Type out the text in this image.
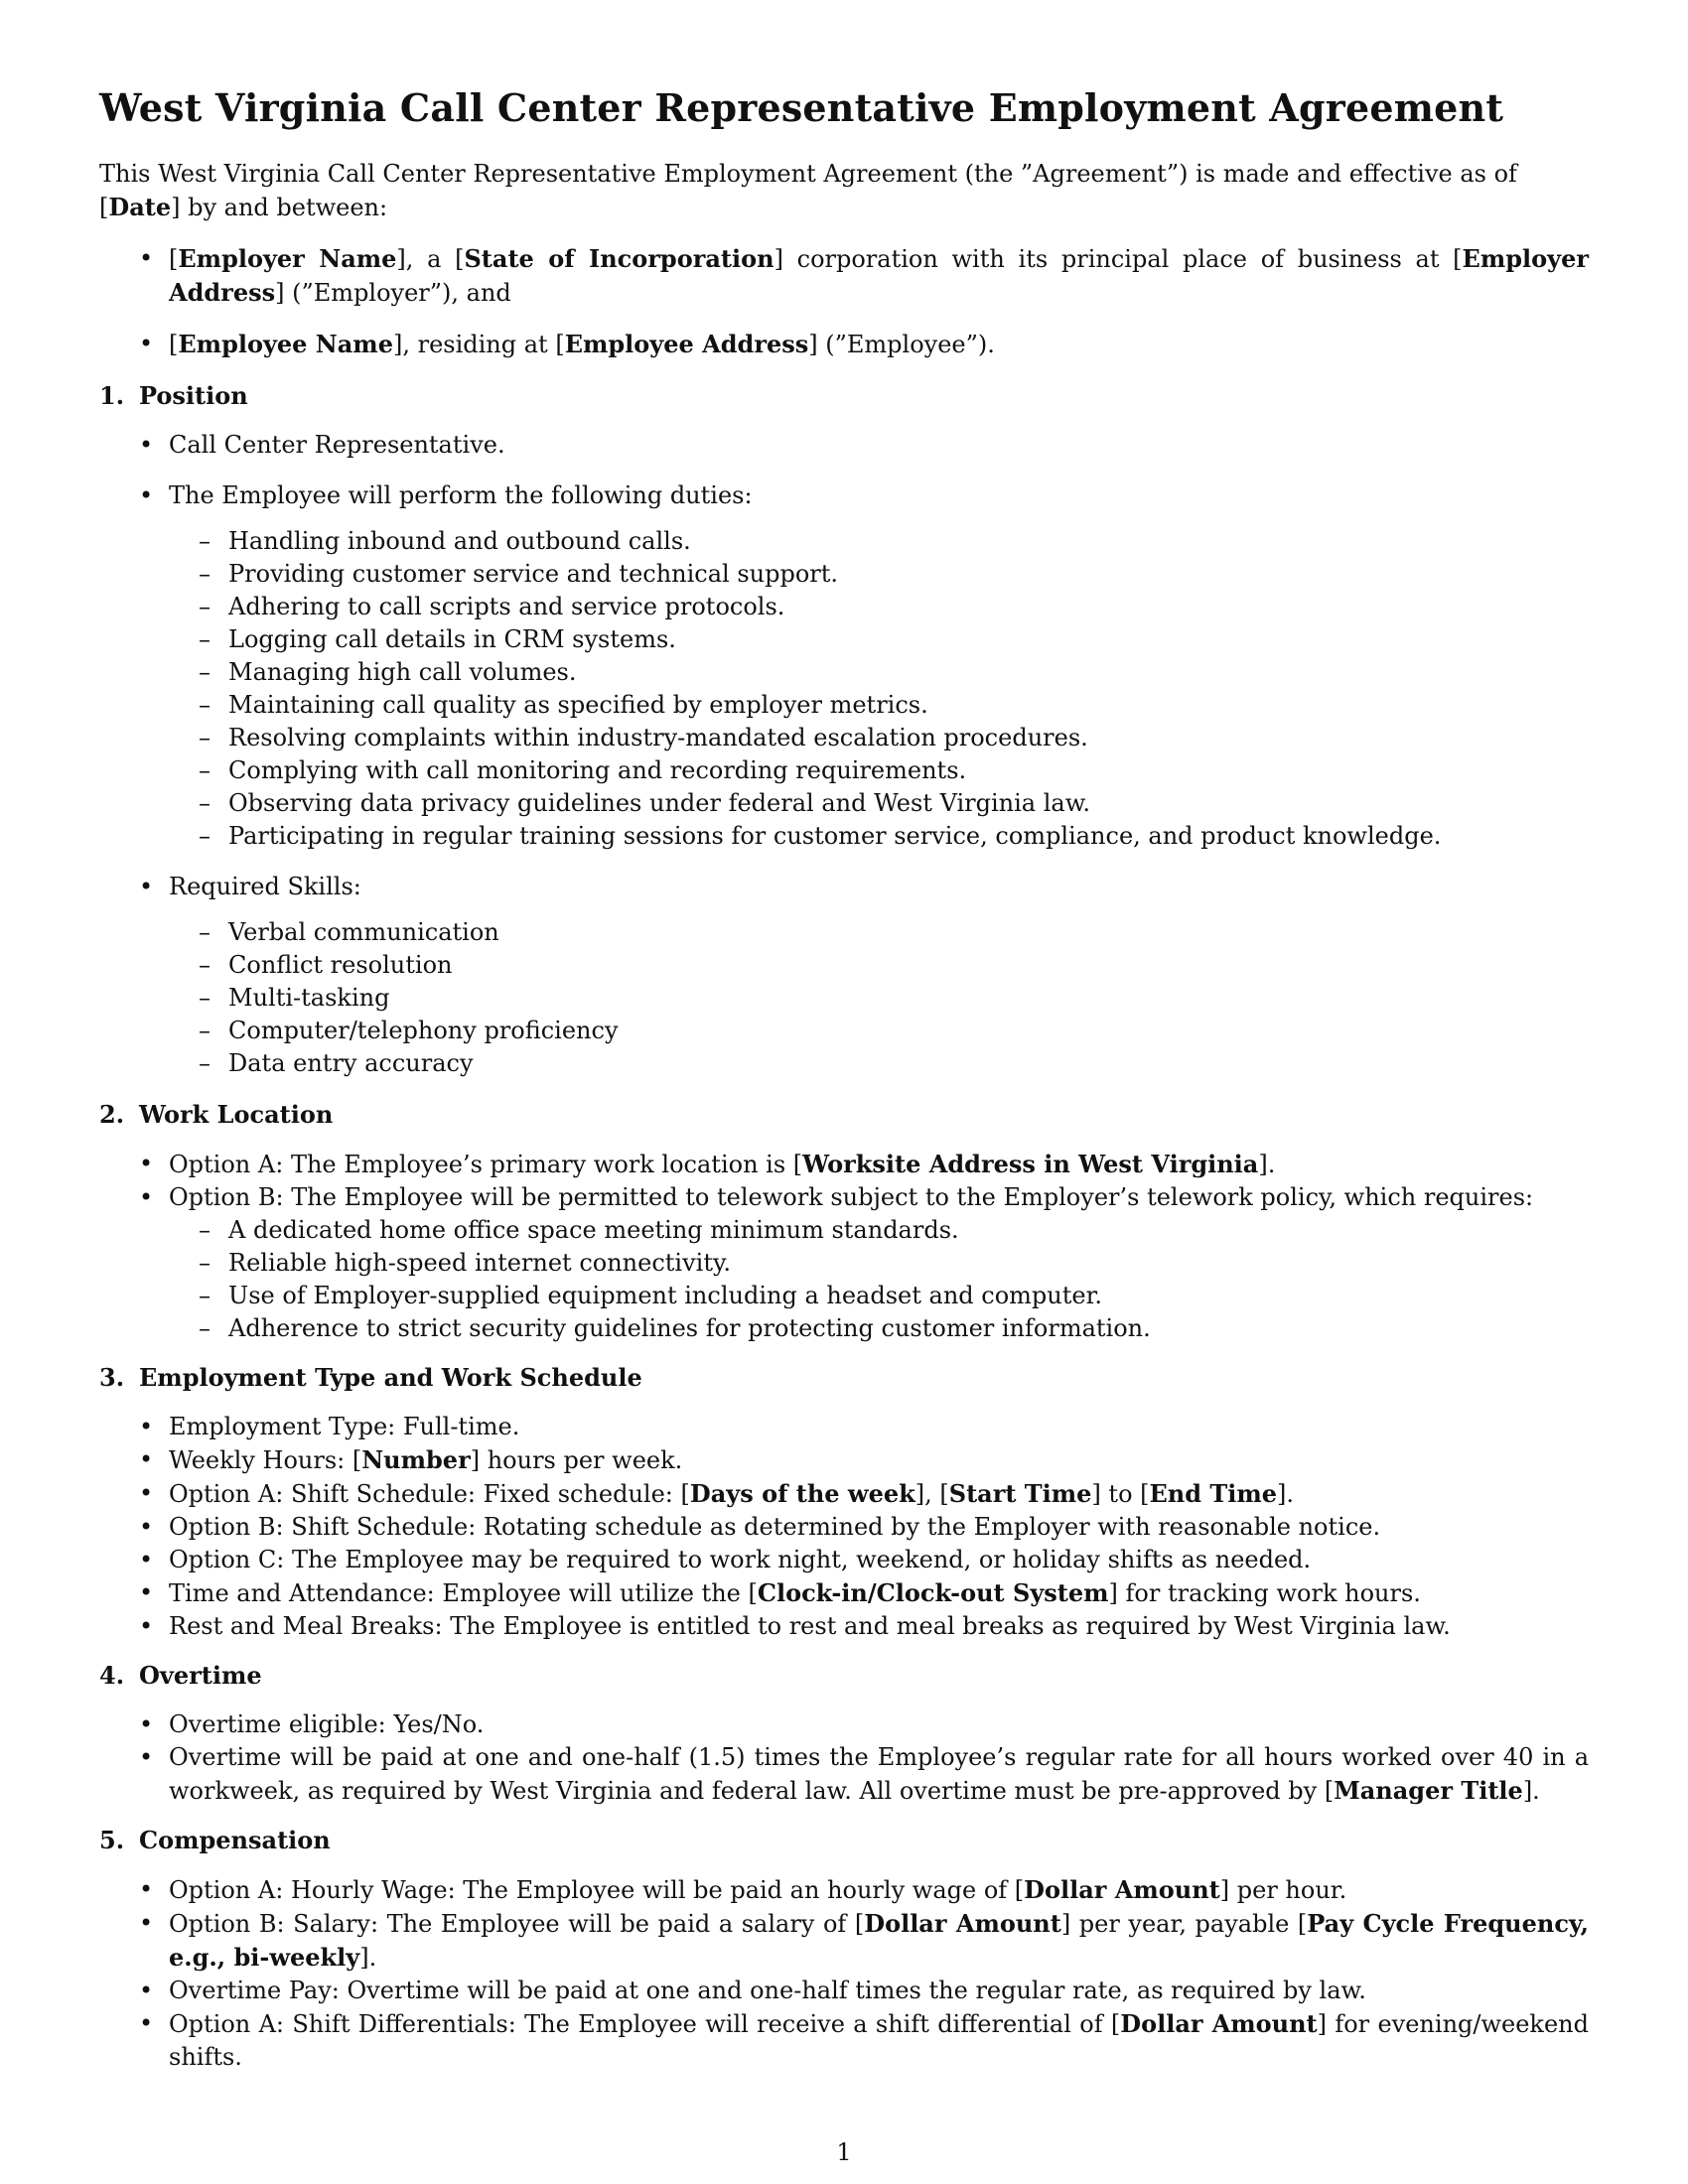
West Virginia Call Center Representative Employment Agreement

This West Virginia Call Center Representative Employment Agreement (the ”Agreement”) is made and effective as of [Date] by and between:

• [Employer Name], a [State of Incorporation] corporation with its principal place of business at [Employer Address] (”Employer”), and
• [Employee Name], residing at [Employee Address] (”Employee”).
1. Position
• Call Center Representative.
• The Employee will perform the following duties:
– Handling inbound and outbound calls.
– Providing customer service and technical support.
– Adhering to call scripts and service protocols.
– Logging call details in CRM systems.
– Managing high call volumes.
– Maintaining call quality as specified by employer metrics.
– Resolving complaints within industry-mandated escalation procedures.
– Complying with call monitoring and recording requirements.
– Observing data privacy guidelines under federal and West Virginia law.
– Participating in regular training sessions for customer service, compliance, and product knowledge.
• Required Skills:
– Verbal communication
– Conflict resolution
– Multi-tasking
– Computer/telephony proficiency
– Data entry accuracy
2. Work Location
• Option A: The Employee’s primary work location is [Worksite Address in West Virginia].
• Option B: The Employee will be permitted to telework subject to the Employer’s telework policy, which requires:
– A dedicated home office space meeting minimum standards.
– Reliable high-speed internet connectivity.
– Use of Employer-supplied equipment including a headset and computer.
– Adherence to strict security guidelines for protecting customer information.
3. Employment Type and Work Schedule
• Employment Type: Full-time.
• Weekly Hours: [Number] hours per week.
• Option A: Shift Schedule: Fixed schedule: [Days of the week], [Start Time] to [End Time].
• Option B: Shift Schedule: Rotating schedule as determined by the Employer with reasonable notice.
• Option C: The Employee may be required to work night, weekend, or holiday shifts as needed.
• Time and Attendance: Employee will utilize the [Clock-in/Clock-out System] for tracking work hours.
• Rest and Meal Breaks: The Employee is entitled to rest and meal breaks as required by West Virginia law.
4. Overtime
• Overtime eligible: Yes/No.
• Overtime will be paid at one and one-half (1.5) times the Employee’s regular rate for all hours worked over 40 in a workweek, as required by West Virginia and federal law. All overtime must be pre-approved by [Manager Title].
5. Compensation
• Option A: Hourly Wage: The Employee will be paid an hourly wage of [Dollar Amount] per hour.
• Option B: Salary: The Employee will be paid a salary of [Dollar Amount] per year, payable [Pay Cycle Frequency, e.g., bi-weekly].
• Overtime Pay: Overtime will be paid at one and one-half times the regular rate, as required by law.
• Option A: Shift Differentials: The Employee will receive a shift differential of [Dollar Amount] for evening/weekend shifts.
1
